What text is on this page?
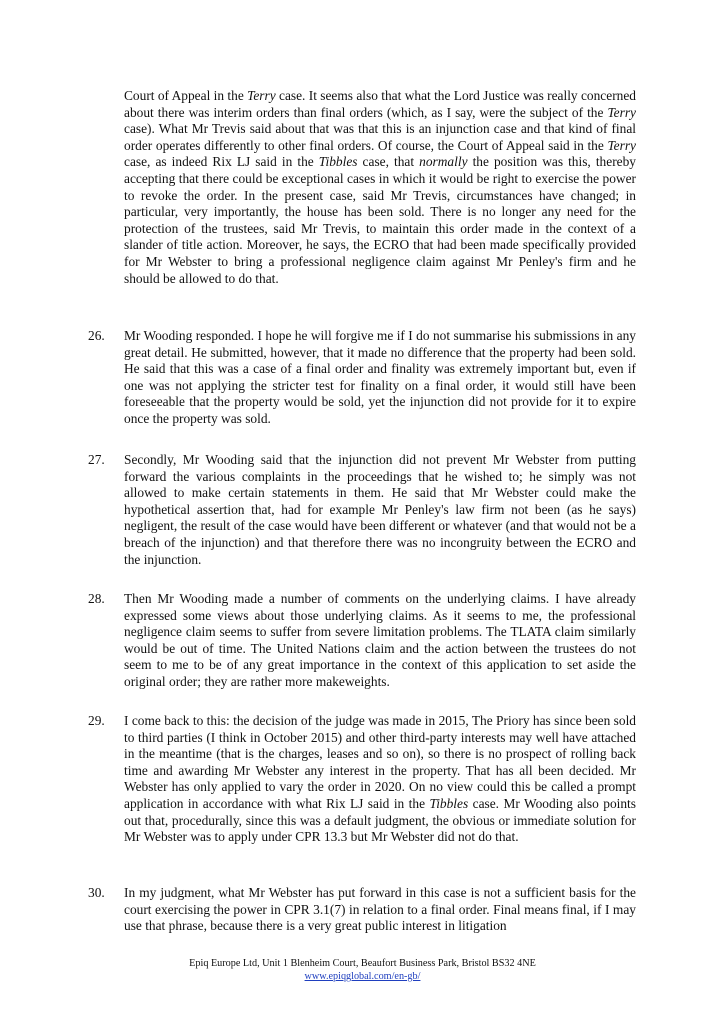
Court of Appeal in the Terry case. It seems also that what the Lord Justice was really concerned about there was interim orders than final orders (which, as I say, were the subject of the Terry case). What Mr Trevis said about that was that this is an injunction case and that kind of final order operates differently to other final orders. Of course, the Court of Appeal said in the Terry case, as indeed Rix LJ said in the Tibbles case, that normally the position was this, thereby accepting that there could be exceptional cases in which it would be right to exercise the power to revoke the order. In the present case, said Mr Trevis, circumstances have changed; in particular, very importantly, the house has been sold. There is no longer any need for the protection of the trustees, said Mr Trevis, to maintain this order made in the context of a slander of title action. Moreover, he says, the ECRO that had been made specifically provided for Mr Webster to bring a professional negligence claim against Mr Penley's firm and he should be allowed to do that.

26. Mr Wooding responded. I hope he will forgive me if I do not summarise his submissions in any great detail. He submitted, however, that it made no difference that the property had been sold. He said that this was a case of a final order and finality was extremely important but, even if one was not applying the stricter test for finality on a final order, it would still have been foreseeable that the property would be sold, yet the injunction did not provide for it to expire once the property was sold.

27. Secondly, Mr Wooding said that the injunction did not prevent Mr Webster from putting forward the various complaints in the proceedings that he wished to; he simply was not allowed to make certain statements in them. He said that Mr Webster could make the hypothetical assertion that, had for example Mr Penley's law firm not been (as he says) negligent, the result of the case would have been different or whatever (and that would not be a breach of the injunction) and that therefore there was no incongruity between the ECRO and the injunction.

28. Then Mr Wooding made a number of comments on the underlying claims. I have already expressed some views about those underlying claims. As it seems to me, the professional negligence claim seems to suffer from severe limitation problems. The TLATA claim similarly would be out of time. The United Nations claim and the action between the trustees do not seem to me to be of any great importance in the context of this application to set aside the original order; they are rather more makeweights.

29. I come back to this: the decision of the judge was made in 2015, The Priory has since been sold to third parties (I think in October 2015) and other third-party interests may well have attached in the meantime (that is the charges, leases and so on), so there is no prospect of rolling back time and awarding Mr Webster any interest in the property. That has all been decided. Mr Webster has only applied to vary the order in 2020. On no view could this be called a prompt application in accordance with what Rix LJ said in the Tibbles case. Mr Wooding also points out that, procedurally, since this was a default judgment, the obvious or immediate solution for Mr Webster was to apply under CPR 13.3 but Mr Webster did not do that.

30. In my judgment, what Mr Webster has put forward in this case is not a sufficient basis for the court exercising the power in CPR 3.1(7) in relation to a final order. Final means final, if I may use that phrase, because there is a very great public interest in litigation

Epiq Europe Ltd, Unit 1 Blenheim Court, Beaufort Business Park, Bristol BS32 4NE
www.epiqglobal.com/en-gb/
